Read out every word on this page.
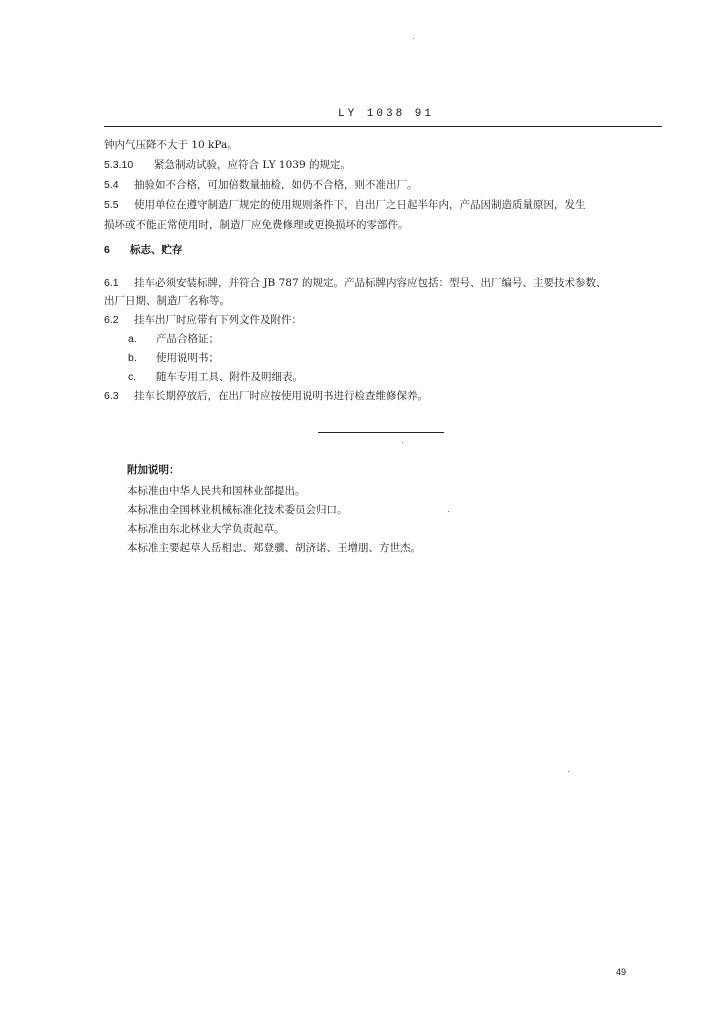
LY 1038 91
钟内气压降不大于 10 kPa。
5.3.10 紧急制动试验，应符合 LY 1039 的规定。
5.4 抽验如不合格，可加倍数量抽检，如仍不合格，则不准出厂。
5.5 使用单位在遵守制造厂规定的使用规则条件下，自出厂之日起半年内，产品因制造质量原因，发生
损坏或不能正常使用时，制造厂应免费修理或更换损坏的零部件。
6 标志、贮存
6.1 挂车必须安装标牌，并符合 JB 787 的规定。产品标牌内容应包括：型号、出厂编号、主要技术参数、
出厂日期、制造厂名称等。
6.2 挂车出厂时应带有下列文件及附件：
a. 产品合格证；
b. 使用说明书；
c. 随车专用工具、附件及明细表。
6.3 挂车长期停放后，在出厂时应按使用说明书进行检查维修保养。
附加说明：
本标准由中华人民共和国林业部提出。
本标准由全国林业机械标准化技术委员会归口。
本标准由东北林业大学负责起草。
本标准主要起草人岳相忠、郑登骥、胡济诺、王增朋、方世杰。
49
